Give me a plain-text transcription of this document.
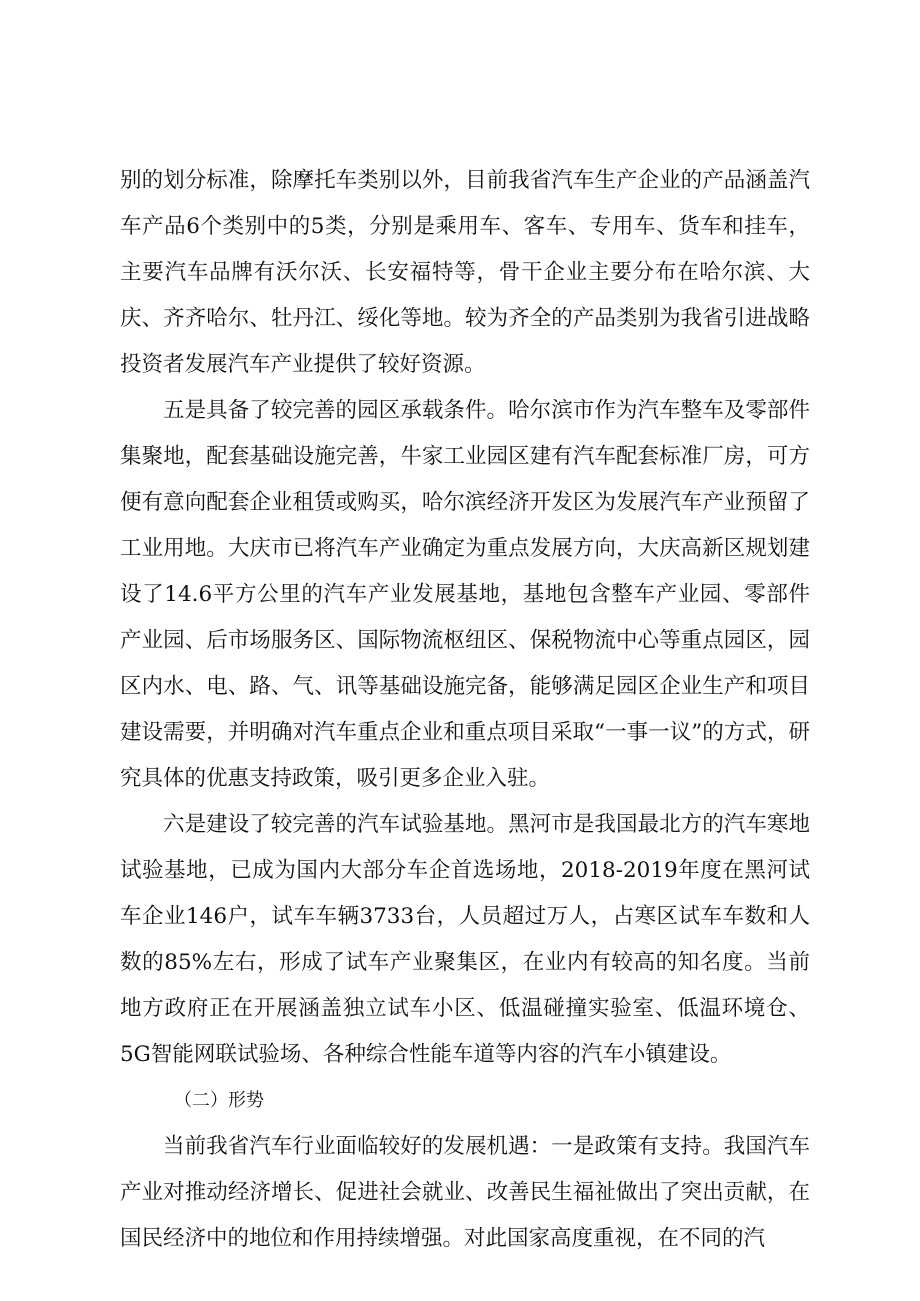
别的划分标准，除摩托车类别以外，目前我省汽车生产企业的产品涵盖汽车产品6个类别中的5类，分别是乘用车、客车、专用车、货车和挂车，主要汽车品牌有沃尔沃、长安福特等，骨干企业主要分布在哈尔滨、大庆、齐齐哈尔、牡丹江、绥化等地。较为齐全的产品类别为我省引进战略投资者发展汽车产业提供了较好资源。

五是具备了较完善的园区承载条件。哈尔滨市作为汽车整车及零部件集聚地，配套基础设施完善，牛家工业园区建有汽车配套标准厂房，可方便有意向配套企业租赁或购买，哈尔滨经济开发区为发展汽车产业预留了工业用地。大庆市已将汽车产业确定为重点发展方向，大庆高新区规划建设了14.6平方公里的汽车产业发展基地，基地包含整车产业园、零部件产业园、后市场服务区、国际物流枢纽区、保税物流中心等重点园区，园区内水、电、路、气、讯等基础设施完备，能够满足园区企业生产和项目建设需要，并明确对汽车重点企业和重点项目采取“一事一议”的方式，研究具体的优惠支持政策，吸引更多企业入驻。

六是建设了较完善的汽车试验基地。黑河市是我国最北方的汽车寒地试验基地，已成为国内大部分车企首选场地，2018-2019年度在黑河试车企业146户，试车车辆3733台，人员超过万人，占寒区试车车数和人数的85%左右，形成了试车产业聚集区，在业内有较高的知名度。当前地方政府正在开展涵盖独立试车小区、低温碰撞实验室、低温环境仓、5G智能网联试验场、各种综合性能车道等内容的汽车小镇建设。

（二）形势

当前我省汽车行业面临较好的发展机遇：一是政策有支持。我国汽车产业对推动经济增长、促进社会就业、改善民生福祉做出了突出贡献，在国民经济中的地位和作用持续增强。对此国家高度重视，在不同的汽
